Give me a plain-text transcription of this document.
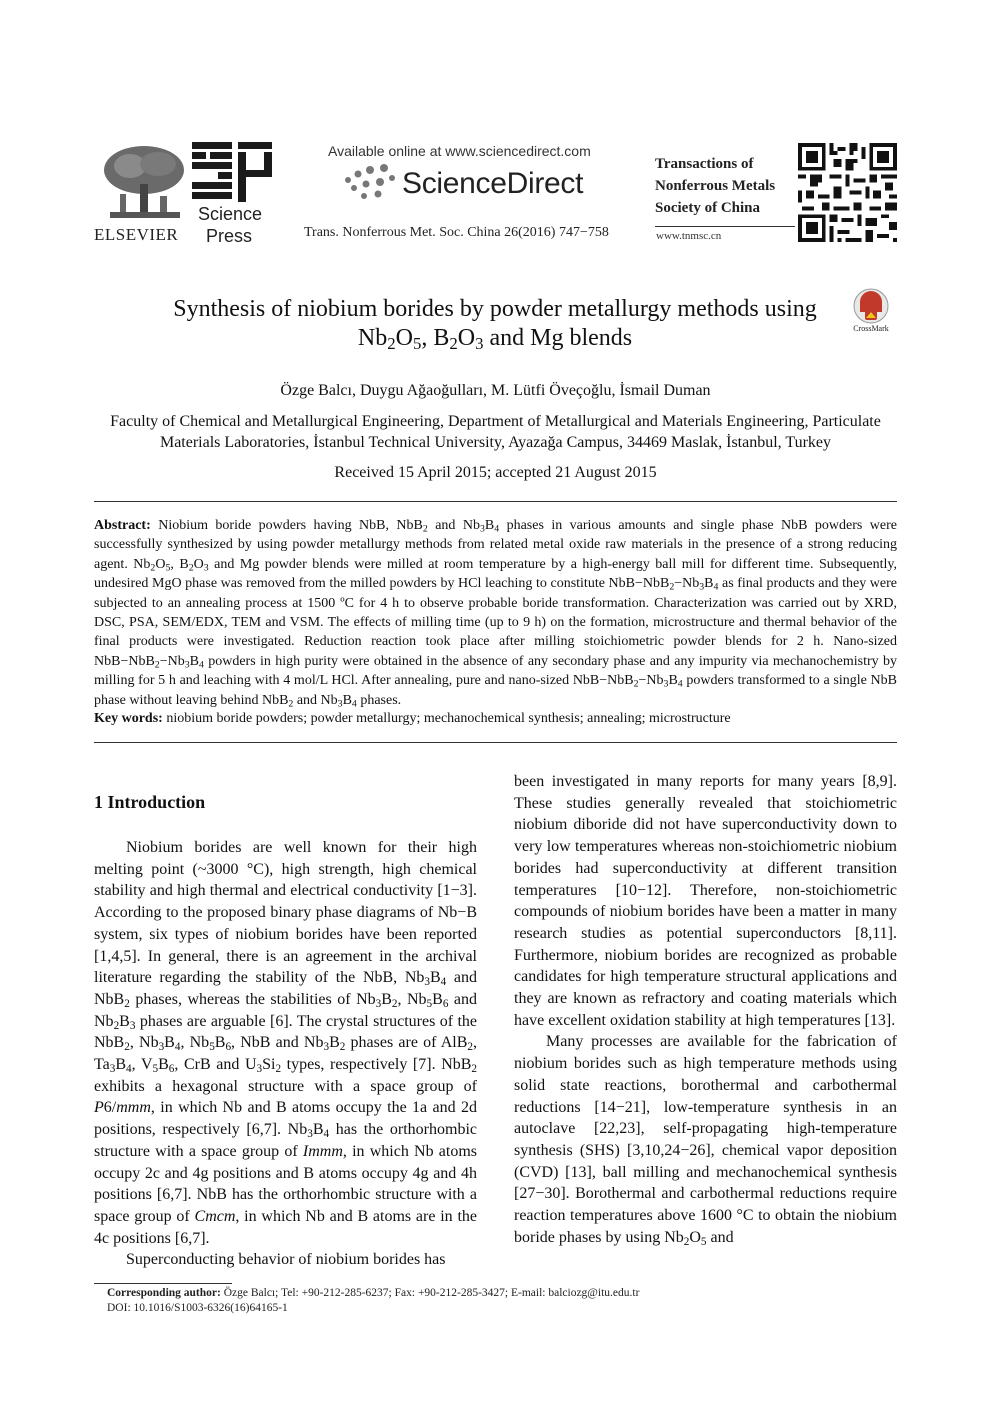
ELSEVIER
Science
Press
Available online at www.sciencedirect.com
ScienceDirect
Trans. Nonferrous Met. Soc. China 26(2016) 747−758
Transactions of
Nonferrous Metals
Society of China
www.tnmsc.cn
Synthesis of niobium borides by powder metallurgy methods using
$Nb_2O_5$, $B_2O_3$ and Mg blends	CrossMark
Özge Balcı, Duygu Ağaoğulları, M. Lütfi Öveçoğlu, İsmail Duman
Faculty of Chemical and Metallurgical Engineering, Department of Metallurgical and Materials Engineering, Particulate
Materials Laboratories, İstanbul Technical University, Ayazağa Campus, 34469 Maslak, İstanbul, Turkey
Received 15 April 2015; accepted 21 August 2015
Abstract: Niobium boride powders having NbB, NbB$_2$ and $Nb_3B_4$ phases in various amounts and single phase NbB powders were successfully synthesized by using powder metallurgy methods from related metal oxide raw materials in the presence of a strong reducing agent. $Nb_2O_5$, $B_2O_3$ and Mg powder blends were milled at room temperature by a high-energy ball mill for different time. Subsequently, undesired MgO phase was removed from the milled powders by HCl leaching to constitute $NbB-NbB_2-Nb_3B_4$ as final products and they were subjected to an annealing process at 1500 ºC for 4 h to observe probable boride transformation. Characterization was carried out by XRD, DSC, PSA, SEM/EDX, TEM and VSM. The effects of milling time (up to 9 h) on the formation, microstructure and thermal behavior of the final products were investigated. Reduction reaction took place after milling stoichiometric powder blends for 2 h. Nano-sized $NbB-NbB_2-Nb_3B_4$ powders in high purity were obtained in the absence of any secondary phase and any impurity via mechanochemistry by milling for 5 h and leaching with 4 mol/L HCl. After annealing, pure and nano-sized $NbB-NbB_2-Nb_3B_4$ powders transformed to a single NbB phase without leaving behind NbB$_2$ and $Nb_3B_4$ phases.
Key words: niobium boride powders; powder metallurgy; mechanochemical synthesis; annealing; microstructure
1 Introduction

Niobium borides are well known for their high melting point (~3000 °C), high strength, high chemical stability and high thermal and electrical conductivity [1−3]. According to the proposed binary phase diagrams of Nb−B system, six types of niobium borides have been reported [1,4,5]. In general, there is an agreement in the archival literature regarding the stability of the NbB, $Nb_3B_4$ and NbB$_2$ phases, whereas the stabilities of $Nb_3B_2$, $Nb_5B_6$ and $Nb_2B_3$ phases are arguable [6]. The crystal structures of the NbB$_2$, $Nb_3B_4$, $Nb_5B_6$, NbB and $Nb_3B_2$ phases are of AlB$_2$, $Ta_3B_4$, $V_5B_6$, CrB and $U_3Si_2$ types, respectively [7]. NbB$_2$ exhibits a hexagonal structure with a space group of P6/mmm, in which Nb and B atoms occupy the 1a and 2d positions, respectively [6,7]. $Nb_3B_4$ has the orthorhombic structure with a space group of Immm, in which Nb atoms occupy 2c and 4g positions and B atoms occupy 4g and 4h positions [6,7]. NbB has the orthorhombic structure with a space group of Cmcm, in which Nb and B atoms are in the 4c positions [6,7].

Superconducting behavior of niobium borides has

been investigated in many reports for many years [8,9]. These studies generally revealed that stoichiometric niobium diboride did not have superconductivity down to very low temperatures whereas non-stoichiometric niobium borides had superconductivity at different transition temperatures [10−12]. Therefore, non-stoichiometric compounds of niobium borides have been a matter in many research studies as potential superconductors [8,11]. Furthermore, niobium borides are recognized as probable candidates for high temperature structural applications and they are known as refractory and coating materials which have excellent oxidation stability at high temperatures [13].

Many processes are available for the fabrication of niobium borides such as high temperature methods using solid state reactions, borothermal and carbothermal reductions [14−21], low-temperature synthesis in an autoclave [22,23], self-propagating high-temperature synthesis (SHS) [3,10,24−26], chemical vapor deposition (CVD) [13], ball milling and mechanochemical synthesis [27−30]. Borothermal and carbothermal reductions require reaction temperatures above 1600 °C to obtain the niobium boride phases by using $Nb_2O_5$ and

Corresponding author: Özge Balcı; Tel: +90-212-285-6237; Fax: +90-212-285-3427; E-mail: balciozg@itu.edu.tr
DOI: 10.1016/S1003-6326(16)64165-1
